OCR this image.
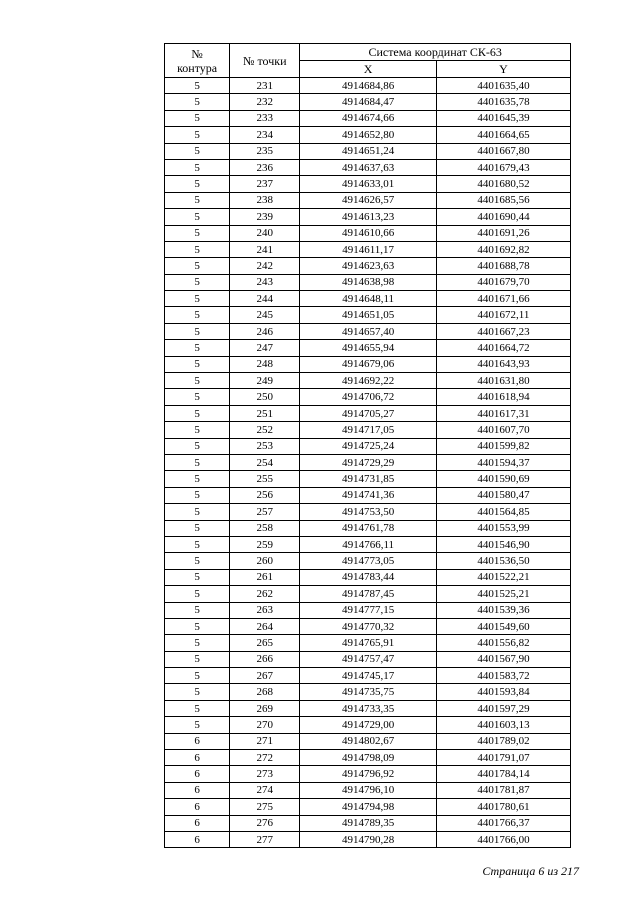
№
контура	№ точки	Система координат СК-63	
		X	Y
5	231	4914684,86	4401635,40
5	232	4914684,47	4401635,78
5	233	4914674,66	4401645,39
5	234	4914652,80	4401664,65
5	235	4914651,24	4401667,80
5	236	4914637,63	4401679,43
5	237	4914633,01	4401680,52
5	238	4914626,57	4401685,56
5	239	4914613,23	4401690,44
5	240	4914610,66	4401691,26
5	241	4914611,17	4401692,82
5	242	4914623,63	4401688,78
5	243	4914638,98	4401679,70
5	244	4914648,11	4401671,66
5	245	4914651,05	4401672,11
5	246	4914657,40	4401667,23
5	247	4914655,94	4401664,72
5	248	4914679,06	4401643,93
5	249	4914692,22	4401631,80
5	250	4914706,72	4401618,94
5	251	4914705,27	4401617,31
5	252	4914717,05	4401607,70
5	253	4914725,24	4401599,82
5	254	4914729,29	4401594,37
5	255	4914731,85	4401590,69
5	256	4914741,36	4401580,47
5	257	4914753,50	4401564,85
5	258	4914761,78	4401553,99
5	259	4914766,11	4401546,90
5	260	4914773,05	4401536,50
5	261	4914783,44	4401522,21
5	262	4914787,45	4401525,21
5	263	4914777,15	4401539,36
5	264	4914770,32	4401549,60
5	265	4914765,91	4401556,82
5	266	4914757,47	4401567,90
5	267	4914745,17	4401583,72
5	268	4914735,75	4401593,84
5	269	4914733,35	4401597,29
5	270	4914729,00	4401603,13
6	271	4914802,67	4401789,02
6	272	4914798,09	4401791,07
6	273	4914796,92	4401784,14
6	274	4914796,10	4401781,87
6	275	4914794,98	4401780,61
6	276	4914789,35	4401766,37
6	277	4914790,28	4401766,00
Страница 6 из 217
